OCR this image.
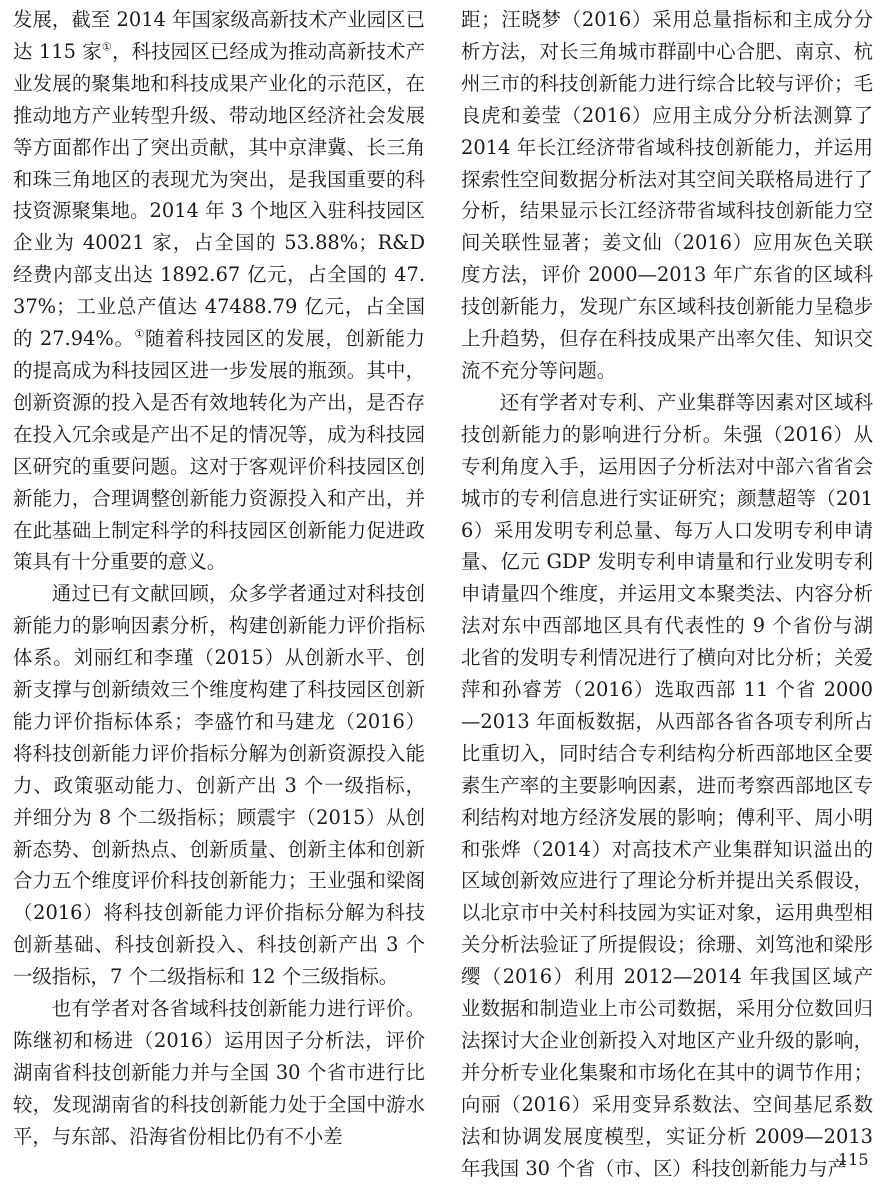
发展，截至 2014 年国家级高新技术产业园区已达 115 家①，科技园区已经成为推动高新技术产业发展的聚集地和科技成果产业化的示范区，在推动地方产业转型升级、带动地区经济社会发展等方面都作出了突出贡献，其中京津冀、长三角和珠三角地区的表现尤为突出，是我国重要的科技资源聚集地。2014 年 3 个地区入驻科技园区企业为 40021 家，占全国的 53.88%；R&D 经费内部支出达 1892.67 亿元，占全国的 47.37%；工业总产值达 47488.79 亿元，占全国的 27.94%。①随着科技园区的发展，创新能力的提高成为科技园区进一步发展的瓶颈。其中，创新资源的投入是否有效地转化为产出，是否存在投入冗余或是产出不足的情况等，成为科技园区研究的重要问题。这对于客观评价科技园区创新能力，合理调整创新能力资源投入和产出，并在此基础上制定科学的科技园区创新能力促进政策具有十分重要的意义。

通过已有文献回顾，众多学者通过对科技创新能力的影响因素分析，构建创新能力评价指标体系。刘丽红和李瑾（2015）从创新水平、创新支撑与创新绩效三个维度构建了科技园区创新能力评价指标体系；李盛竹和马建龙（2016）将科技创新能力评价指标分解为创新资源投入能力、政策驱动能力、创新产出 3 个一级指标，并细分为 8 个二级指标；顾震宇（2015）从创新态势、创新热点、创新质量、创新主体和创新合力五个维度评价科技创新能力；王业强和梁阁（2016）将科技创新能力评价指标分解为科技创新基础、科技创新投入、科技创新产出 3 个一级指标，7 个二级指标和 12 个三级指标。

也有学者对各省域科技创新能力进行评价。陈继初和杨进（2016）运用因子分析法，评价湖南省科技创新能力并与全国 30 个省市进行比较，发现湖南省的科技创新能力处于全国中游水平，与东部、沿海省份相比仍有不小差

距；汪晓梦（2016）采用总量指标和主成分分析方法，对长三角城市群副中心合肥、南京、杭州三市的科技创新能力进行综合比较与评价；毛良虎和姜莹（2016）应用主成分分析法测算了 2014 年长江经济带省域科技创新能力，并运用探索性空间数据分析法对其空间关联格局进行了分析，结果显示长江经济带省域科技创新能力空间关联性显著；姜文仙（2016）应用灰色关联度方法，评价 2000—2013 年广东省的区域科技创新能力，发现广东区域科技创新能力呈稳步上升趋势，但存在科技成果产出率欠佳、知识交流不充分等问题。

还有学者对专利、产业集群等因素对区域科技创新能力的影响进行分析。朱强（2016）从专利角度入手，运用因子分析法对中部六省省会城市的专利信息进行实证研究；颜慧超等（2016）采用发明专利总量、每万人口发明专利申请量、亿元 GDP 发明专利申请量和行业发明专利申请量四个维度，并运用文本聚类法、内容分析法对东中西部地区具有代表性的 9 个省份与湖北省的发明专利情况进行了横向对比分析；关爱萍和孙睿芳（2016）选取西部 11 个省 2000—2013 年面板数据，从西部各省各项专利所占比重切入，同时结合专利结构分析西部地区全要素生产率的主要影响因素，进而考察西部地区专利结构对地方经济发展的影响；傅利平、周小明和张烨（2014）对高技术产业集群知识溢出的区域创新效应进行了理论分析并提出关系假设，以北京市中关村科技园为实证对象，运用典型相关分析法验证了所提假设；徐珊、刘笃池和梁彤缨（2016）利用 2012—2014 年我国区域产业数据和制造业上市公司数据，采用分位数回归法探讨大企业创新投入对地区产业升级的影响，并分析专业化集聚和市场化在其中的调节作用；向丽（2016）采用变异系数法、空间基尼系数法和协调发展度模型，实证分析 2009—2013 年我国 30 个省（市、区）科技创新能力与产

115
